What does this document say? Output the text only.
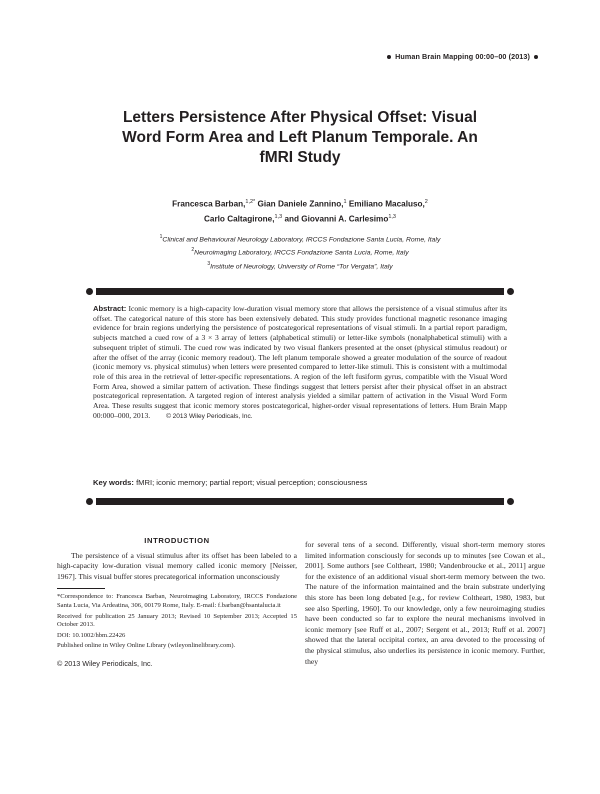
Human Brain Mapping 00:00–00 (2013)
Letters Persistence After Physical Offset: Visual
Word Form Area and Left Planum Temporale. An
fMRI Study
Francesca Barban,$^{1,2*}$ Gian Daniele Zannino,$^1$ Emiliano Macaluso,$^2$
Carlo Caltagirone,$^{1,3}$ and Giovanni A. Carlesimo$^{1,3}$
$^1$Clinical and Behavioural Neurology Laboratory, IRCCS Fondazione Santa Lucia, Rome, Italy
$^2$Neuroimaging Laboratory, IRCCS Fondazione Santa Lucia, Rome, Italy
$^3$Institute of Neurology, University of Rome “Tor Vergata”, Italy
Abstract: Iconic memory is a high-capacity low-duration visual memory store that allows the persistence of a visual stimulus after its offset. The categorical nature of this store has been extensively debated. This study provides functional magnetic resonance imaging evidence for brain regions underlying the persistence of postcategorical representations of visual stimuli. In a partial report paradigm, subjects matched a cued row of a 3 × 3 array of letters (alphabetical stimuli) or letter-like symbols (nonalphabetical stimuli) with a subsequent triplet of stimuli. The cued row was indicated by two visual flankers presented at the onset (physical stimulus readout) or after the offset of the array (iconic memory readout). The left planum temporale showed a greater modulation of the source of readout (iconic memory vs. physical stimulus) when letters were presented compared to letter-like stimuli. This is consistent with a multimodal role of this area in the retrieval of letter-specific representations. A region of the left fusiform gyrus, compatible with the Visual Word Form Area, showed a similar pattern of activation. These findings suggest that letters persist after their physical offset in an abstract postcategorical representation. A targeted region of interest analysis yielded a similar pattern of activation in the Visual Word Form Area. These results suggest that iconic memory stores postcategorical, higher-order visual representations of letters. Hum Brain Mapp 00:000–000, 2013. © 2013 Wiley Periodicals, Inc.
Key words: fMRI; iconic memory; partial report; visual perception; consciousness
INTRODUCTION

The persistence of a visual stimulus after its offset has been labeled to a high-capacity low-duration visual memory called iconic memory [Neisser, 1967]. This visual buffer stores precategorical information unconsciously

*Correspondence to: Francesca Barban, Neuroimaging Laboratory, IRCCS Fondazione Santa Lucia, Via Ardeatina, 306, 00179 Rome, Italy. E-mail: f.barban@hsantalucia.it

Received for publication 25 January 2013; Revised 10 September 2013; Accepted 15 October 2013.

DOI: 10.1002/hbm.22426

Published online in Wiley Online Library (wileyonlinelibrary.com).

© 2013 Wiley Periodicals, Inc.

for several tens of a second. Differently, visual short-term memory stores limited information consciously for seconds up to minutes [see Cowan et al., 2001]. Some authors [see Coltheart, 1980; Vandenbroucke et al., 2011] argue for the existence of an additional visual short-term memory between the two. The nature of the information maintained and the brain substrate underlying this store has been long debated [e.g., for review Coltheart, 1980, 1983, but see also Sperling, 1960]. To our knowledge, only a few neuroimaging studies have been conducted so far to explore the neural mechanisms involved in iconic memory [see Ruff et al., 2007; Sergent et al., 2013; Ruff et al. 2007] showed that the lateral occipital cortex, an area devoted to the processing of the physical stimulus, also underlies its persistence in iconic memory. Further, they
